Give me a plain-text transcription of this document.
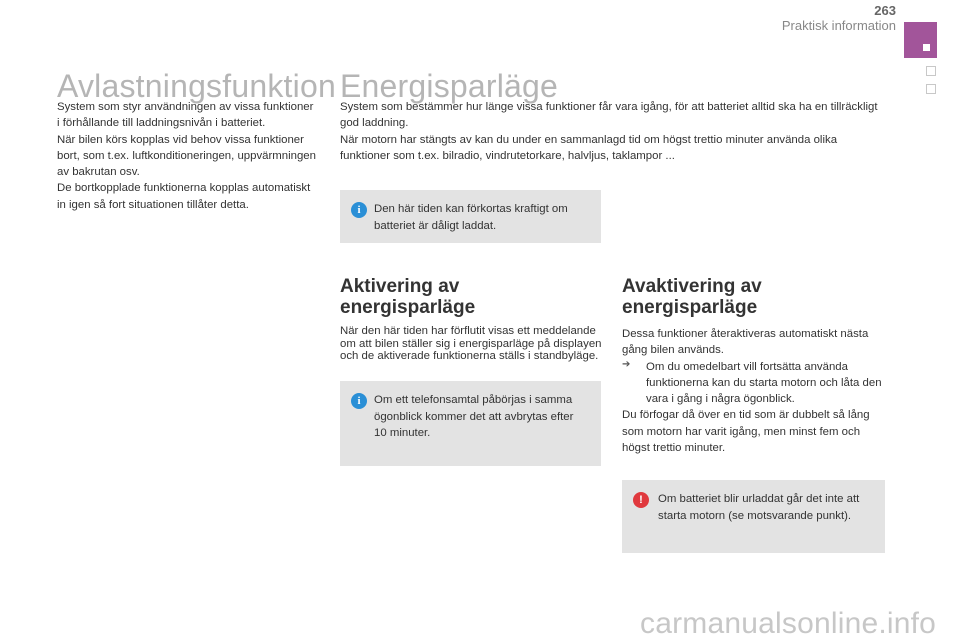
263
Praktisk information
Avlastningsfunktion

System som styr användningen av vissa funktioner i förhållande till laddningsnivån i batteriet.

När bilen körs kopplas vid behov vissa funktioner bort, som t.ex. luftkonditioneringen, uppvärmningen av bakrutan osv.

De bortkopplade funktionerna kopplas automatiskt in igen så fort situationen tillåter detta.

Energisparläge

System som bestämmer hur länge vissa funktioner får vara igång, för att batteriet alltid ska ha en tillräckligt god laddning.

När motorn har stängts av kan du under en sammanlagd tid om högst trettio minuter använda olika funktioner som t.ex. bilradio, vindrutetorkare, halvljus, taklampor ...

i	Den här tiden kan förkortas kraftigt om batteriet är dåligt laddat.

Aktivering av
energisparläge

När den här tiden har förflutit visas ett meddelande om att bilen ställer sig i energisparläge på displayen och de aktiverade funktionerna ställs i standbyläge.

i	Om ett telefonsamtal påbörjas i samma ögonblick kommer det att avbrytas efter 10 minuter.

Avaktivering av
energisparläge

Dessa funktioner återaktiveras automatiskt nästa gång bilen används.

➔	Om du omedelbart vill fortsätta använda funktionerna kan du starta motorn och låta den vara i gång i några ögonblick.

Du förfogar då över en tid som är dubbelt så lång som motorn har varit igång, men minst fem och högst trettio minuter.

!	Om batteriet blir urladdat går det inte att starta motorn (se motsvarande punkt).
carmanualsonline.info
